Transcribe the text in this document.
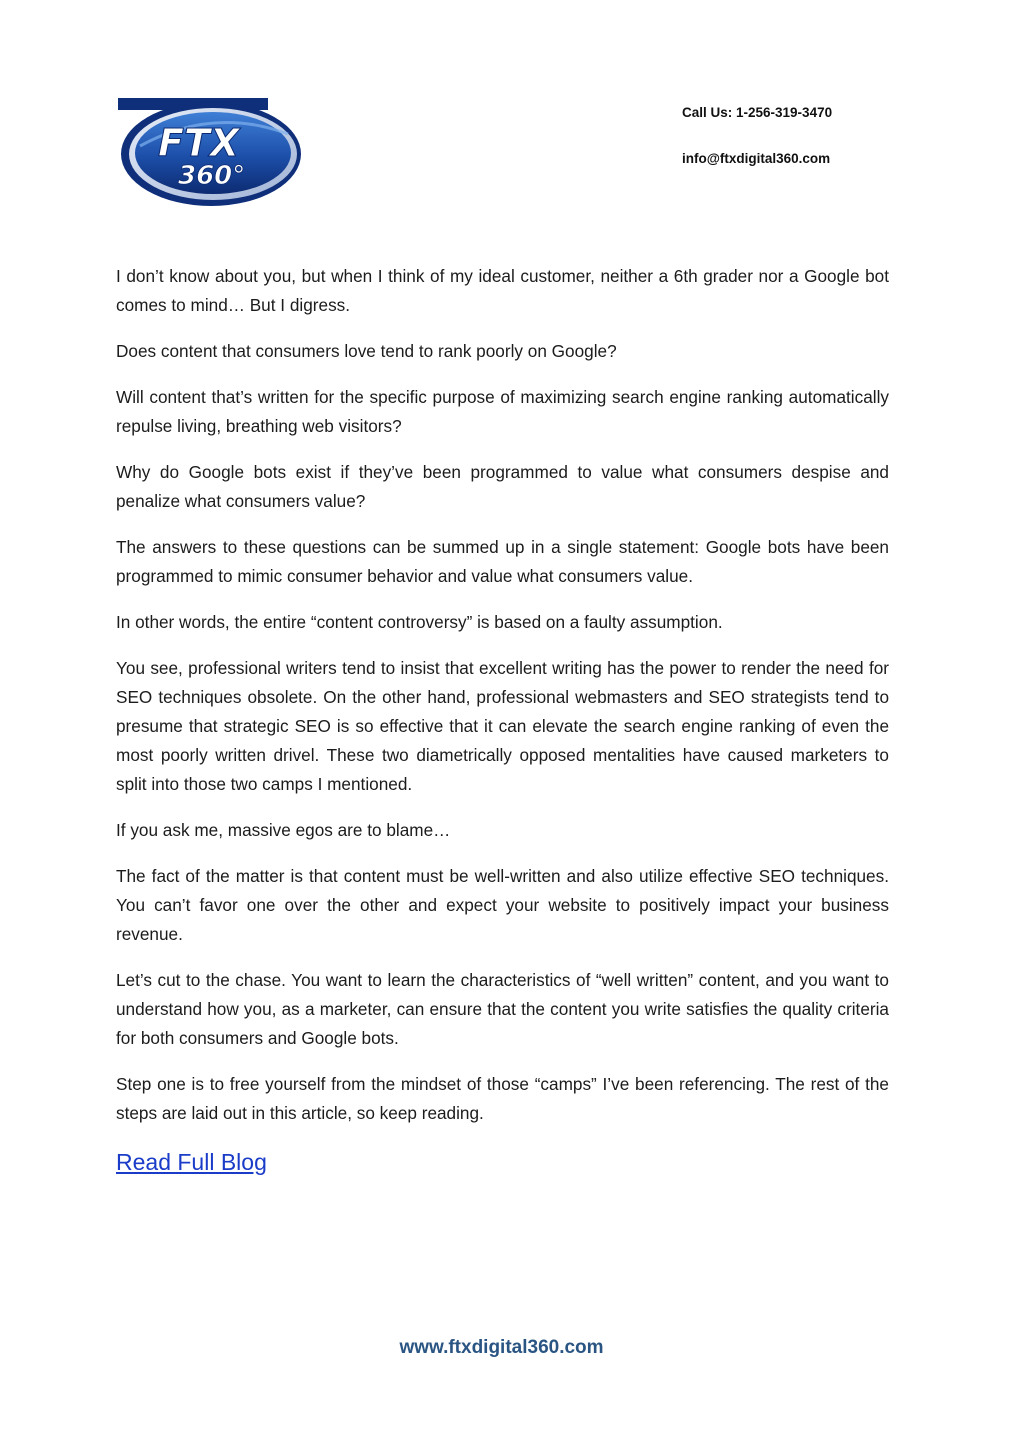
FTX
360°
Call Us: 1-256-319-3470
info@ftxdigital360.com

I don’t know about you, but when I think of my ideal customer, neither a 6th grader nor a Google bot comes to mind… But I digress.

Does content that consumers love tend to rank poorly on Google?

Will content that’s written for the specific purpose of maximizing search engine ranking automatically repulse living, breathing web visitors?

Why do Google bots exist if they’ve been programmed to value what consumers despise and penalize what consumers value?

The answers to these questions can be summed up in a single statement: Google bots have been programmed to mimic consumer behavior and value what consumers value.

In other words, the entire “content controversy” is based on a faulty assumption.

You see, professional writers tend to insist that excellent writing has the power to render the need for SEO techniques obsolete. On the other hand, professional webmasters and SEO strategists tend to presume that strategic SEO is so effective that it can elevate the search engine ranking of even the most poorly written drivel. These two diametrically opposed mentalities have caused marketers to split into those two camps I mentioned.

If you ask me, massive egos are to blame…

The fact of the matter is that content must be well-written and also utilize effective SEO techniques. You can’t favor one over the other and expect your website to positively impact your business revenue.

Let’s cut to the chase. You want to learn the characteristics of “well written” content, and you want to understand how you, as a marketer, can ensure that the content you write satisfies the quality criteria for both consumers and Google bots.

Step one is to free yourself from the mindset of those “camps” I’ve been referencing. The rest of the steps are laid out in this article, so keep reading.

Read Full Blog
www.ftxdigital360.com
